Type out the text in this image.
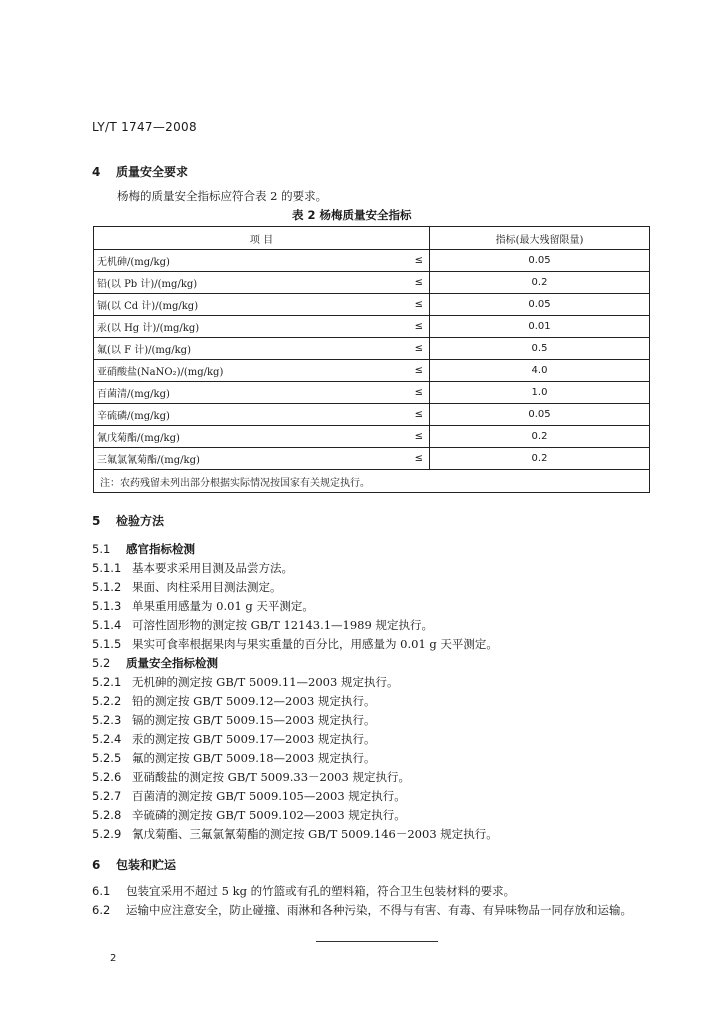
LY/T 1747—2008
4 质量安全要求
杨梅的质量安全指标应符合表 2 的要求。
表 2 杨梅质量安全指标
项 目		指标(最大残留限量)
无机砷/(mg/kg)	≤	0.05
铅(以 Pb 计)/(mg/kg)	≤	0.2
镉(以 Cd 计)/(mg/kg)	≤	0.05
汞(以 Hg 计)/(mg/kg)	≤	0.01
氟(以 F 计)/(mg/kg)	≤	0.5
亚硝酸盐(NaNO₂)/(mg/kg)	≤	4.0
百菌清/(mg/kg)	≤	1.0
辛硫磷/(mg/kg)	≤	0.05
氰戊菊酯/(mg/kg)	≤	0.2
三氟氯氰菊酯/(mg/kg)	≤	0.2
注：农药残留未列出部分根据实际情况按国家有关规定执行。		
5 检验方法
5.1 感官指标检测
5.1.1 基本要求采用目测及品尝方法。
5.1.2 果面、肉柱采用目测法测定。
5.1.3 单果重用感量为 0.01 g 天平测定。
5.1.4 可溶性固形物的测定按 GB/T 12143.1—1989 规定执行。
5.1.5 果实可食率根据果肉与果实重量的百分比，用感量为 0.01 g 天平测定。
5.2 质量安全指标检测
5.2.1 无机砷的测定按 GB/T 5009.11—2003 规定执行。
5.2.2 铅的测定按 GB/T 5009.12—2003 规定执行。
5.2.3 镉的测定按 GB/T 5009.15—2003 规定执行。
5.2.4 汞的测定按 GB/T 5009.17—2003 规定执行。
5.2.5 氟的测定按 GB/T 5009.18—2003 规定执行。
5.2.6 亚硝酸盐的测定按 GB/T 5009.33－2003 规定执行。
5.2.7 百菌清的测定按 GB/T 5009.105—2003 规定执行。
5.2.8 辛硫磷的测定按 GB/T 5009.102—2003 规定执行。
5.2.9 氰戊菊酯、三氟氯氰菊酯的测定按 GB/T 5009.146－2003 规定执行。
6 包装和贮运
6.1 包装宜采用不超过 5 kg 的竹篮或有孔的塑料箱，符合卫生包装材料的要求。
6.2 运输中应注意安全，防止碰撞、雨淋和各种污染，不得与有害、有毒、有异味物品一同存放和运输。
2
